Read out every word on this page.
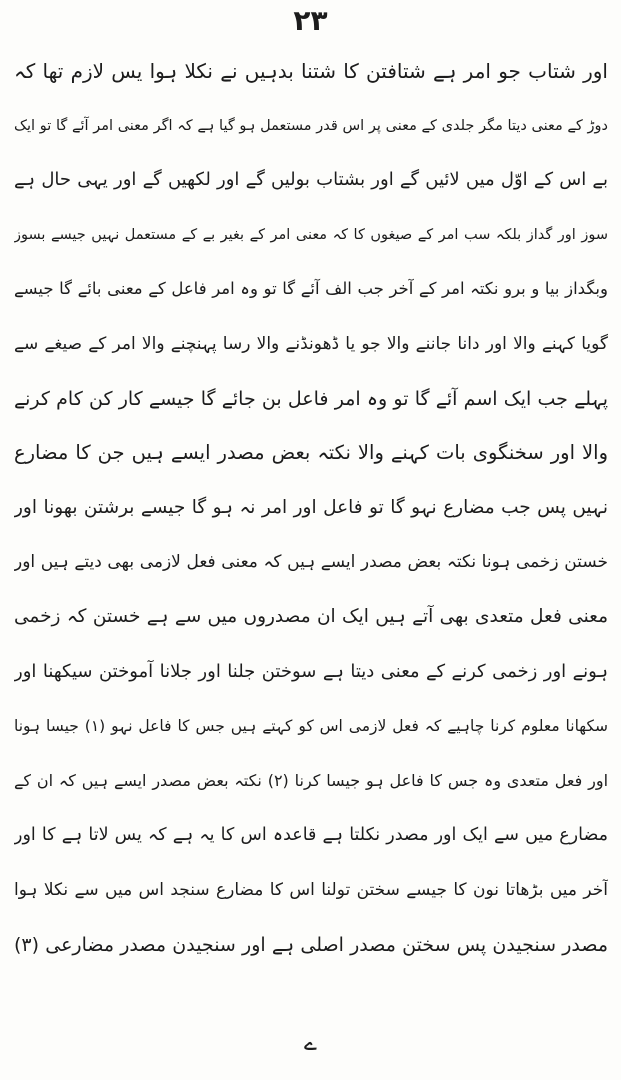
۲۳
اور شتاب جو امر ہے شتافتن کا شتنا بدہیں نے نکلا ہوا یس لازم تھا کہ
دوڑ کے معنی دیتا مگر جلدی کے معنی پر اس قدر مستعمل ہو گیا ہے کہ اگر معنی امر آئے گا تو ایک
بے اس کے اوّل میں لائیں گے اور بشتاب بولیں گے اور لکھیں گے اور یہی حال ہے
سوز اور گداز بلکہ سب امر کے صیغوں کا کہ معنی امر کے بغیر بے کے مستعمل نہیں جیسے بسوز
وبگداز بیا و برو نکتہ امر کے آخر جب الف آئے گا تو وہ امر فاعل کے معنی بائے گا جیسے
گویا کہنے والا اور دانا جاننے والا جو یا ڈھونڈنے والا رسا پہنچنے والا امر کے صیغے سے
پہلے جب ایک اسم آئے گا تو وہ امر فاعل بن جائے گا جیسے کار کن کام کرنے
والا اور سخنگوی بات کہنے والا نکتہ بعض مصدر ایسے ہیں جن کا مضارع
نہیں پس جب مضارع نہو گا تو فاعل اور امر نہ ہو گا جیسے برشتن بھونا اور
خستن زخمی ہونا نکتہ بعض مصدر ایسے ہیں کہ معنی فعل لازمی بھی دیتے ہیں اور
معنی فعل متعدی بھی آتے ہیں ایک ان مصدروں میں سے ہے خستن کہ زخمی
ہونے اور زخمی کرنے کے معنی دیتا ہے سوختن جلنا اور جلانا آموختن سیکھنا اور
سکھانا معلوم کرنا چاہیے کہ فعل لازمی اس کو کہتے ہیں جس کا فاعل نہو (۱) جیسا ہونا
اور فعل متعدی وہ جس کا فاعل ہو جیسا کرنا (۲) نکتہ بعض مصدر ایسے ہیں کہ ان کے
مضارع میں سے ایک اور مصدر نکلتا ہے قاعدہ اس کا یہ ہے کہ یس لاتا ہے کا اور
آخر میں بڑھاتا نون کا جیسے سختن تولنا اس کا مضارع سنجد اس میں سے نکلا ہوا
مصدر سنجیدن پس سختن مصدر اصلی ہے اور سنجیدن مصدر مضارعی (۳)
ے
